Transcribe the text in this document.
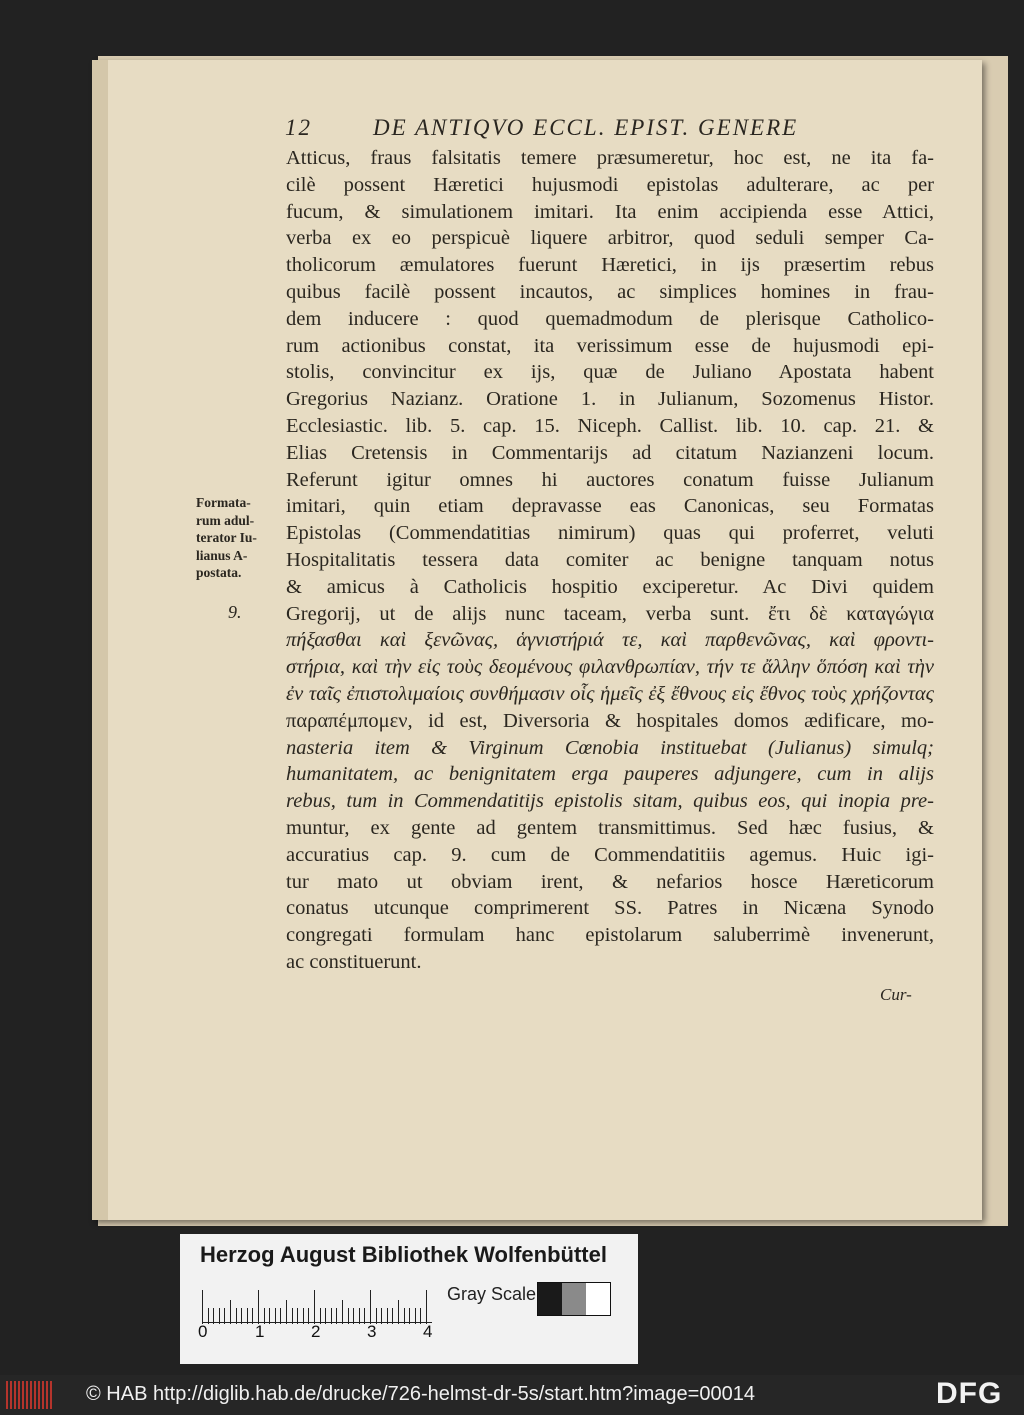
12	DE ANTIQVO ECCL. EPIST. GENERE
Atticus, fraus falsitatis temere præsumeretur, hoc est, ne ita fa-
cilè possent Hæretici hujusmodi epistolas adulterare, ac per
fucum, & simulationem imitari. Ita enim accipienda esse Attici,
verba ex eo perspicuè liquere arbitror, quod seduli semper Ca-
tholicorum æmulatores fuerunt Hæretici, in ijs præsertim rebus
quibus facilè possent incautos, ac simplices homines in frau-
dem inducere : quod quemadmodum de plerisque Catholico-
rum actionibus constat, ita verissimum esse de hujusmodi epi-
stolis, convincitur ex ijs, quæ de Juliano Apostata habent
Gregorius Nazianz. Oratione 1. in Julianum, Sozomenus Histor.
Ecclesiastic. lib. 5. cap. 15. Niceph. Callist. lib. 10. cap. 21. &
Elias Cretensis in Commentarijs ad citatum Nazianzeni locum.
Referunt igitur omnes hi auctores conatum fuisse Julianum
imitari, quin etiam depravasse eas Canonicas, seu Formatas
Epistolas (Commendatitias nimirum) quas qui proferret, veluti
Hospitalitatis tessera data comiter ac benigne tanquam notus
& amicus à Catholicis hospitio exciperetur. Ac Divi quidem
Gregorij, ut de alijs nunc taceam, verba sunt. ἔτι δὲ καταγώγια
πήξασθαι καὶ ξενῶνας, ἁγνιστήριά τε, καὶ παρθενῶνας, καὶ φροντι-
στήρια, καὶ τὴν εἰς τοὺς δεομένους φιλανθρωπίαν, τήν τε ἄλλην ὅπόση καὶ τὴν
ἐν ταῖς ἐπιστολιμαίοις συνθήμασιν οἷς ἡμεῖς ἐξ ἔθνους εἰς ἔθνος τοὺς χρήζοντας
παραπέμπομεν, id est, Diversoria & hospitales domos ædificare, mo-
nasteria item & Virginum Cœnobia instituebat (Julianus) simulq;
humanitatem, ac benignitatem erga pauperes adjungere, cum in alijs
rebus, tum in Commendatitijs epistolis sitam, quibus eos, qui inopia pre-
muntur, ex gente ad gentem transmittimus. Sed hæc fusius, &
accuratius cap. 9. cum de Commendatitiis agemus. Huic igi-
tur mato ut obviam irent, & nefarios hosce Hæreticorum
conatus utcunque comprimerent SS. Patres in Nicæna Synodo
congregati formulam hanc epistolarum saluberrimè invenerunt,
ac constituerunt.
Cur-
Formata-
rum adul-
terator Iu-
lianus A-
postata.
9.
Herzog August Bibliothek Wolfenbüttel
0	1	2	3	4
Gray Scale
© HAB http://diglib.hab.de/drucke/726-helmst-dr-5s/start.htm?image=00014	DFG
